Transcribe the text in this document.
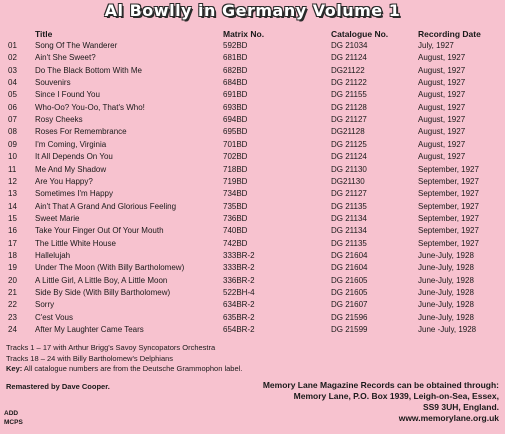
Al Bowlly in Germany Volume 1
Title	Matrix No.	Catalogue No.	Recording Date
01 Song Of The Wanderer	592BD	DG 21034	July, 1927
02 Ain't She Sweet?	681BD	DG 21124	August, 1927
03 Do The Black Bottom With Me	682BD	DG21122	August, 1927
04 Souvenirs	684BD	DG 21122	August, 1927
05 Since I Found You	691BD	DG 21155	August, 1927
06 Who-Oo? You-Oo, That's Who!	693BD	DG 21128	August, 1927
07 Rosy Cheeks	694BD	DG 21127	August, 1927
08 Roses For Remembrance	695BD	DG21128	August, 1927
09 I'm Coming, Virginia	701BD	DG 21125	August, 1927
10 It All Depends On You	702BD	DG 21124	August, 1927
11 Me And My Shadow	718BD	DG 21130	September, 1927
12 Are You Happy?	719BD	DG21130	September, 1927
13 Sometimes I'm Happy	734BD	DG 21127	September, 1927
14 Ain't That A Grand And Glorious Feeling	735BD	DG 21135	September, 1927
15 Sweet Marie	736BD	DG 21134	September, 1927
16 Take Your Finger Out Of Your Mouth	740BD	DG 21134	September, 1927
17 The Little White House	742BD	DG 21135	September, 1927
18 Hallelujah	333BR-2	DG 21604	June-July, 1928
19 Under The Moon (With Billy Bartholomew)	333BR-2	DG 21604	June-July, 1928
20 A Little Girl, A Little Boy, A Little Moon	336BR-2	DG 21605	June-July, 1928
21 Side By Side (With Billy Bartholomew)	522BH-4	DG 21605	June-July, 1928
22 Sorry	634BR-2	DG 21607	June-July, 1928
23 C'est Vous	635BR-2	DG 21596	June-July, 1928
24 After My Laughter Came Tears	654BR-2	DG 21599	June -July, 1928
Tracks 1 – 17 with Arthur Brigg's Savoy Syncopators Orchestra
Tracks 18 – 24 with Billy Bartholomew's Delphians
Key: All catalogue numbers are from the Deutsche Grammophon label.
Remastered by Dave Cooper.
ADD
MCPS
Memory Lane Magazine Records can be obtained through:
Memory Lane, P.O. Box 1939, Leigh-on-Sea, Essex,
SS9 3UH, England.
www.memorylane.org.uk
